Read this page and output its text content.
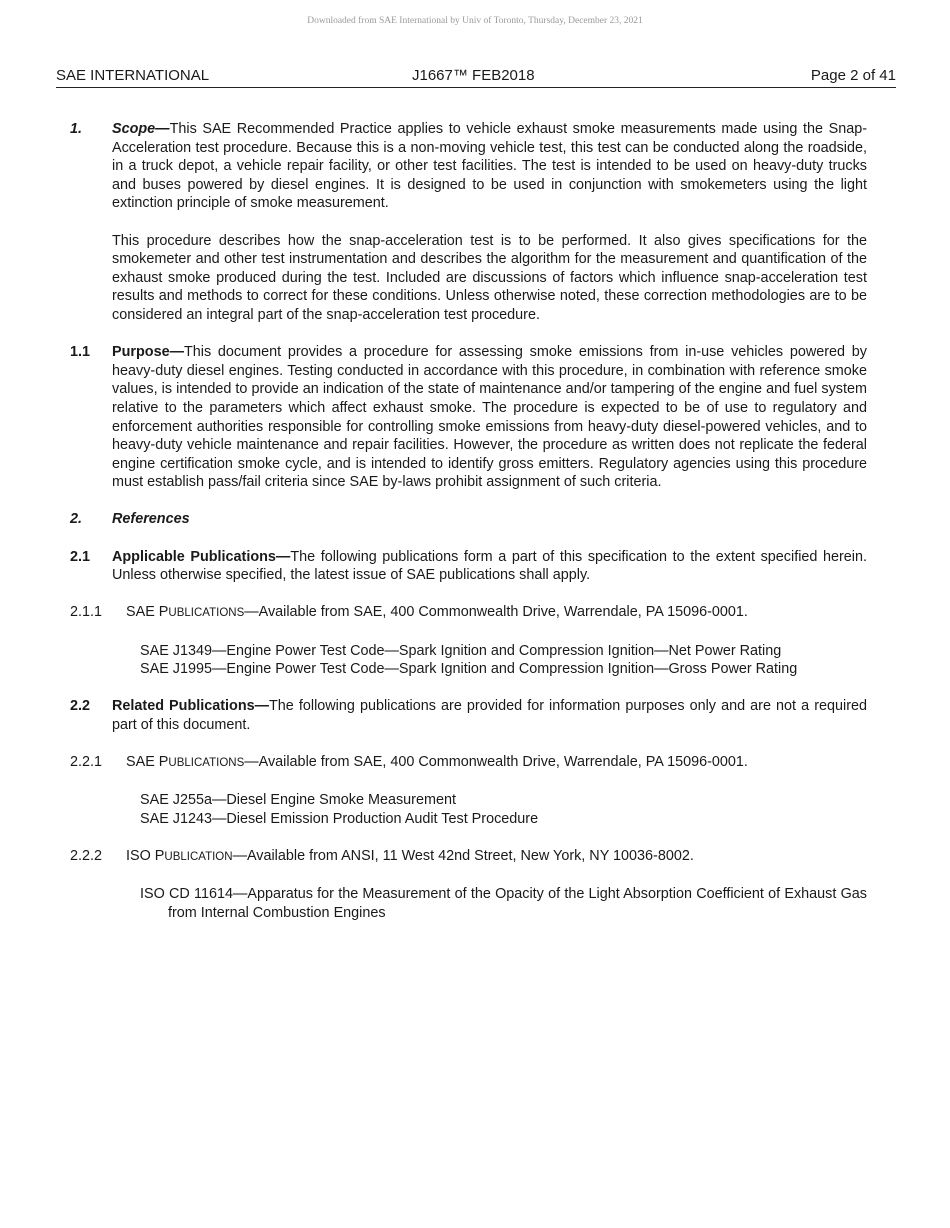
Downloaded from SAE International by Univ of Toronto, Thursday, December 23, 2021
SAE INTERNATIONAL	J1667™ FEB2018	Page 2 of 41
1. Scope—This SAE Recommended Practice applies to vehicle exhaust smoke measurements made using the Snap-Acceleration test procedure. Because this is a non-moving vehicle test, this test can be conducted along the roadside, in a truck depot, a vehicle repair facility, or other test facilities. The test is intended to be used on heavy-duty trucks and buses powered by diesel engines. It is designed to be used in conjunction with smokemeters using the light extinction principle of smoke measurement.
This procedure describes how the snap-acceleration test is to be performed. It also gives specifications for the smokemeter and other test instrumentation and describes the algorithm for the measurement and quantification of the exhaust smoke produced during the test. Included are discussions of factors which influence snap-acceleration test results and methods to correct for these conditions. Unless otherwise noted, these correction methodologies are to be considered an integral part of the snap-acceleration test procedure.
1.1 Purpose—This document provides a procedure for assessing smoke emissions from in-use vehicles powered by heavy-duty diesel engines. Testing conducted in accordance with this procedure, in combination with reference smoke values, is intended to provide an indication of the state of maintenance and/or tampering of the engine and fuel system relative to the parameters which affect exhaust smoke. The procedure is expected to be of use to regulatory and enforcement authorities responsible for controlling smoke emissions from heavy-duty diesel-powered vehicles, and to heavy-duty vehicle maintenance and repair facilities. However, the procedure as written does not replicate the federal engine certification smoke cycle, and is intended to identify gross emitters. Regulatory agencies using this procedure must establish pass/fail criteria since SAE by-laws prohibit assignment of such criteria.
2. References
2.1 Applicable Publications—The following publications form a part of this specification to the extent specified herein. Unless otherwise specified, the latest issue of SAE publications shall apply.
2.1.1 SAE PUBLICATIONS—Available from SAE, 400 Commonwealth Drive, Warrendale, PA 15096-0001.
SAE J1349—Engine Power Test Code—Spark Ignition and Compression Ignition—Net Power Rating
SAE J1995—Engine Power Test Code—Spark Ignition and Compression Ignition—Gross Power Rating
2.2 Related Publications—The following publications are provided for information purposes only and are not a required part of this document.
2.2.1 SAE PUBLICATIONS—Available from SAE, 400 Commonwealth Drive, Warrendale, PA 15096-0001.
SAE J255a—Diesel Engine Smoke Measurement
SAE J1243—Diesel Emission Production Audit Test Procedure
2.2.2 ISO PUBLICATION—Available from ANSI, 11 West 42nd Street, New York, NY 10036-8002.
ISO CD 11614—Apparatus for the Measurement of the Opacity of the Light Absorption Coefficient of Exhaust Gas from Internal Combustion Engines
